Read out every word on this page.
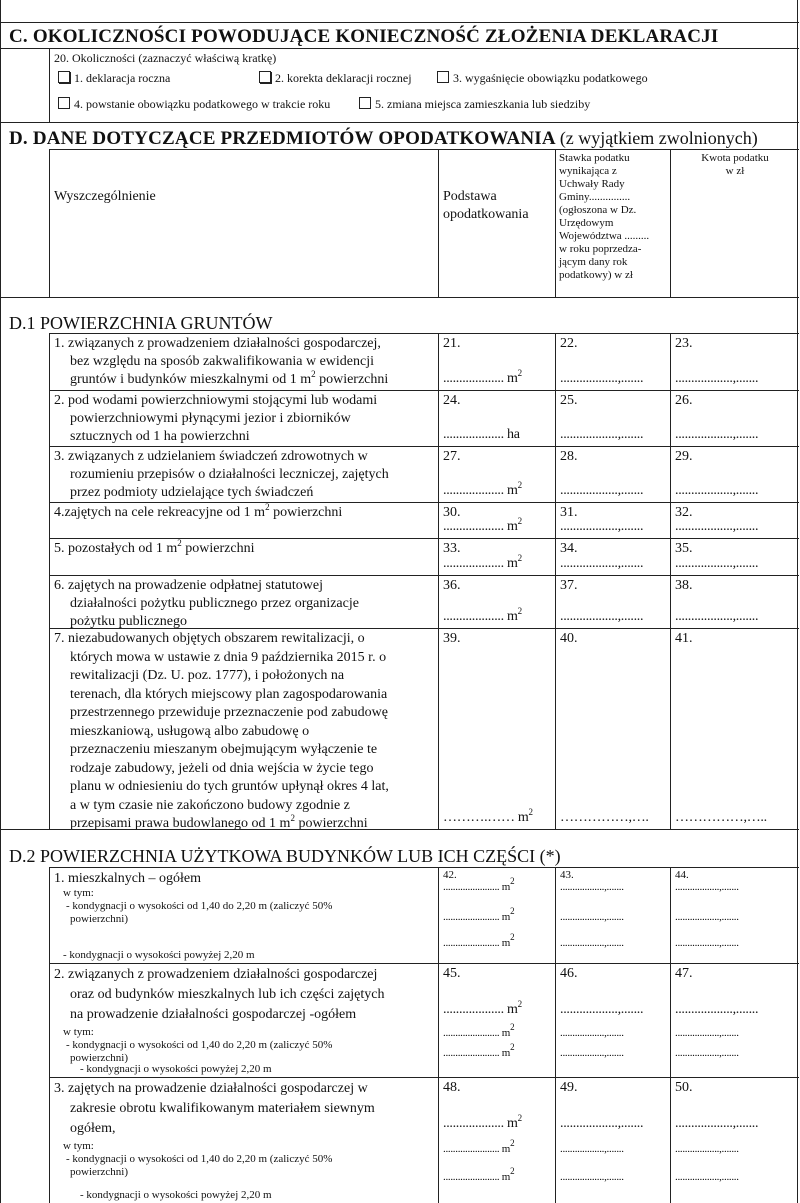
C. OKOLICZNOŚCI POWODUJĄCE KONIECZNOŚĆ ZŁOŻENIA DEKLARACJI
20. Okoliczności (zaznaczyć właściwą kratkę)
1. deklaracja roczna	2. korekta deklaracji rocznej	3. wygaśnięcie obowiązku podatkowego
4. powstanie obowiązku podatkowego w trakcie roku	5. zmiana miejsca zamieszkania lub siedziby
D. DANE DOTYCZĄCE PRZEDMIOTÓW OPODATKOWANIA (z wyjątkiem zwolnionych)
Wyszczególnienie	Podstawa opodatkowania
Stawka podatku
wynikająca z
Uchwały Rady
Gminy...............
(ogłoszona w Dz.
Urzędowym
Województwa .........
w roku poprzedza-
jącym dany rok
podatkowy) w zł
Kwota podatku
w zł
D.1 POWIERZCHNIA GRUNTÓW
1. związanych z prowadzeniem działalności gospodarczej,
bez względu na sposób zakwalifikowania w ewidencji
gruntów i budynków mieszkalnymi od 1 $m^2$ powierzchni
21.	22.	23.
................... $m^2$	..................,....... ..................,.......
2. pod wodami powierzchniowymi stojącymi lub wodami
powierzchniowymi płynącymi jezior i zbiorników
sztucznych od 1 ha powierzchni
24.	25.	26.
................... ha	..................,....... ..................,.......
3. związanych z udzielaniem świadczeń zdrowotnych w
rozumieniu przepisów o działalności leczniczej, zajętych
przez podmioty udzielające tych świadczeń
27.	28.	29.
................... $m^2$	..................,....... ..................,.......
4.zajętych na cele rekreacyjne od 1 $m^2$ powierzchni	30.	31.	32.
................... $m^2$	..................,....... ..................,.......
5. pozostałych od 1 $m^2$ powierzchni	33.	34.	35.
................... $m^2$	..................,....... ..................,.......
6. zajętych na prowadzenie odpłatnej statutowej
działalności pożytku publicznego przez organizacje
pożytku publicznego
36.	37.	38.
................... $m^2$	..................,....... ..................,.......
7. niezabudowanych objętych obszarem rewitalizacji, o
których mowa w ustawie z dnia 9 października 2015 r. o
rewitalizacji (Dz. U. poz. 1777), i położonych na
terenach, dla których miejscowy plan zagospodarowania
przestrzennego przewiduje przeznaczenie pod zabudowę
mieszkaniową, usługową albo zabudowę o
przeznaczeniu mieszanym obejmującym wyłączenie te
rodzaje zabudowy, jeżeli od dnia wejścia w życie tego
planu w odniesieniu do tych gruntów upłynął okres 4 lat,
a w tym czasie nie zakończono budowy zgodnie z
przepisami prawa budowlanego od 1 $m^2$ powierzchni
39.	40.	41.
……….…… $m^2$ ……………,…. ……………,…..
D.2 POWIERZCHNIA UŻYTKOWA BUDYNKÓW LUB ICH CZĘŚCI (*)
1. mieszkalnych – ogółem
w tym:
- kondygnacji o wysokości od 1,40 do 2,20 m (zaliczyć 50%
powierzchni)
- kondygnacji o wysokości powyżej 2,20 m
42.	43.	44.
....................... $m^2$	..................,.......	..................,.......
....................... $m^2$	..................,.......	..................,.......
....................... $m^2$	..................,.......	..................,.......
2. związanych z prowadzeniem działalności gospodarczej
oraz od budynków mieszkalnych lub ich części zajętych
na prowadzenie działalności gospodarczej -ogółem
w tym:
- kondygnacji o wysokości od 1,40 do 2,20 m (zaliczyć 50%
powierzchni)
- kondygnacji o wysokości powyżej 2,20 m
45.	46.	47.
................... $m^2$	..................,....... ..................,.......
....................... $m^2$	..................,.......	..................,.......
....................... $m^2$	..................,.......	..................,.......
3. zajętych na prowadzenie działalności gospodarczej w
zakresie obrotu kwalifikowanym materiałem siewnym
ogółem,
w tym:
- kondygnacji o wysokości od 1,40 do 2,20 m (zaliczyć 50%
powierzchni)
- kondygnacji o wysokości powyżej 2,20 m
48.	49.	50.
................... $m^2$	..................,....... ..................,.......
....................... $m^2$	..................,.......	..................,.......
....................... $m^2$	..................,.......	..................,.......
